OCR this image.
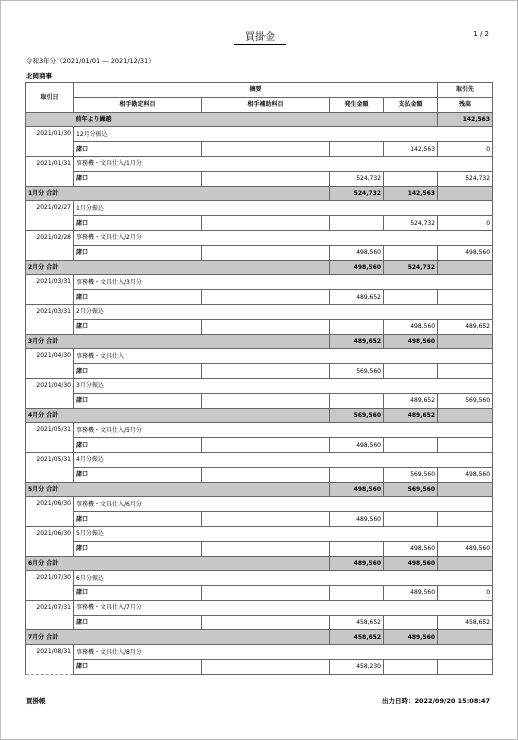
買掛金	1 / 2
令和3年分（2021/01/01 ― 2021/12/31）
北岡商事
取引日	摘要				取引先
	相手勘定科目	相手補助科目	発生金額	支払金額	残高
	前年より繰越				142,563
2021/01/30	12月分振込				
	諸口			142,563	0
2021/01/31	事務機・文具仕入/1月分				
	諸口		524,732		524,732
1月分 合計			524,732	142,563	
2021/02/27	1月分振込				
	諸口			524,732	0
2021/02/28	事務機・文具仕入/2月分				
	諸口		498,560		498,560
2月分 合計			498,560	524,732	
2021/03/31	事務機・文具仕入/3月分				
	諸口		489,652		
2021/03/31	2月分振込				
	諸口			498,560	489,652
3月分 合計			489,652	498,560	
2021/04/30	事務機・文具仕入				
	諸口		569,560		
2021/04/30	3月分振込				
	諸口			489,652	569,560
4月分 合計			569,560	489,652	
2021/05/31	事務機・文具仕入/5月分				
	諸口		498,560		
2021/05/31	4月分振込				
	諸口			569,560	498,560
5月分 合計			498,560	569,560	
2021/06/30	事務機・文具仕入/6月分				
	諸口		489,560		
2021/06/30	5月分振込				
	諸口			498,560	489,560
6月分 合計			489,560	498,560	
2021/07/30	6月分振込				
	諸口			489,560	0
2021/07/31	事務機・文具仕入/7月分				
	諸口		458,652		458,652
7月分 合計			458,652	489,560	
2021/08/31	事務機・文具仕入/8月分				
	諸口		458,230		
買掛帳	出力日時：2022/09/20 15:08:47
